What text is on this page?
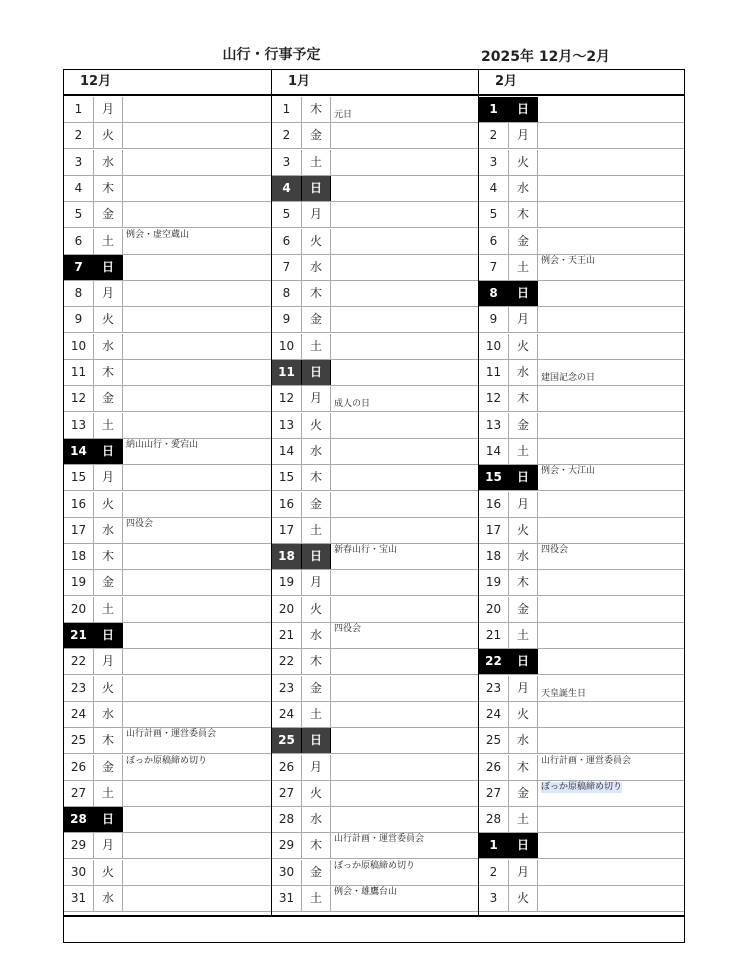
山行・行事予定	2025年 12月～2月
12月
1	月
2	火
3	水
4	木
5	金
6	土	例会・虚空蔵山
7	日
8	月
9	火
10	水
11	木
12	金
13	土
14	日	納山山行・愛宕山
15	月
16	火
17	水	四役会
18	木
19	金
20	土
21	日
22	月
23	火
24	水
25	木	山行計画・運営委員会
26	金	ぼっか原稿締め切り
27	土
28	日
29	月
30	火
31	水
1月
1	木	元日
2	金
3	土
4	日
5	月
6	火
7	水
8	木
9	金
10	土
11	日
12	月	成人の日
13	火
14	水
15	木
16	金
17	土
18	日	新春山行・宝山
19	月
20	火
21	水	四役会
22	木
23	金
24	土
25	日
26	月
27	火
28	水
29	木	山行計画・運営委員会
30	金	ぼっか原稿締め切り
31	土	例会・雄鷹台山
2月
1	日
2	月
3	火
4	水
5	木
6	金
7	土	例会・天王山
8	日
9	月
10	火
11	水	建国記念の日
12	木
13	金
14	土
15	日	例会・大江山
16	月
17	火
18	水	四役会
19	木
20	金
21	土
22	日
23	月	天皇誕生日
24	火
25	水
26	木	山行計画・運営委員会
27	金	ぼっか原稿締め切り
28	土
1	日
2	月
3	火
